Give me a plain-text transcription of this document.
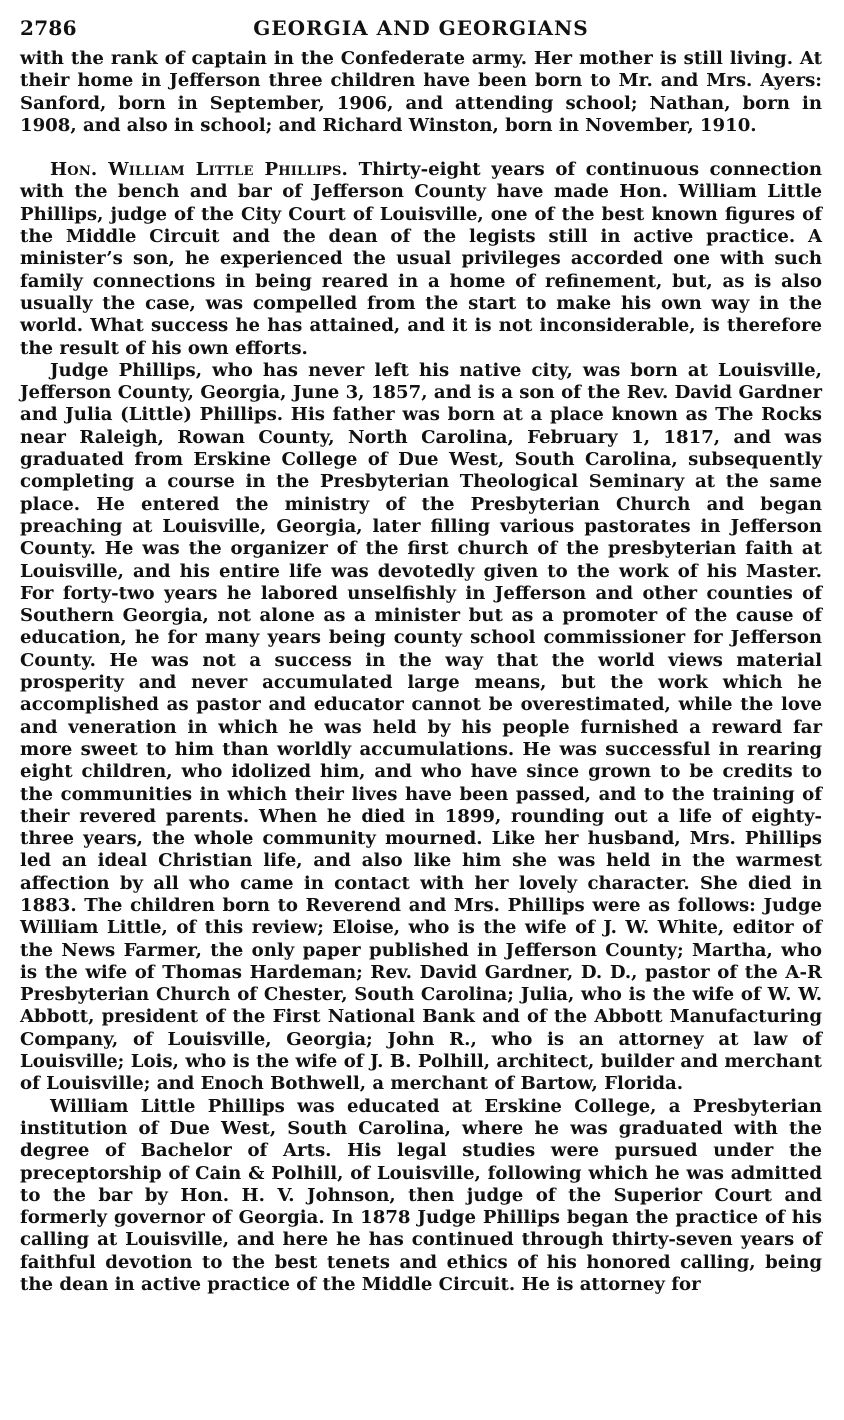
2786	GEORGIA AND GEORGIANS

with the rank of captain in the Confederate army. Her mother is still living. At their home in Jefferson three children have been born to Mr. and Mrs. Ayers: Sanford, born in September, 1906, and attending school; Nathan, born in 1908, and also in school; and Richard Winston, born in November, 1910.

Hon. William Little Phillips. Thirty-eight years of continuous connection with the bench and bar of Jefferson County have made Hon. William Little Phillips, judge of the City Court of Louisville, one of the best known figures of the Middle Circuit and the dean of the legists still in active practice. A minister’s son, he experienced the usual privileges accorded one with such family connections in being reared in a home of refinement, but, as is also usually the case, was compelled from the start to make his own way in the world. What success he has attained, and it is not inconsiderable, is therefore the result of his own efforts.

Judge Phillips, who has never left his native city, was born at Louisville, Jefferson County, Georgia, June 3, 1857, and is a son of the Rev. David Gardner and Julia (Little) Phillips. His father was born at a place known as The Rocks near Raleigh, Rowan County, North Carolina, February 1, 1817, and was graduated from Erskine College of Due West, South Carolina, subsequently completing a course in the Presbyterian Theological Seminary at the same place. He entered the ministry of the Presbyterian Church and began preaching at Louisville, Georgia, later filling various pastorates in Jefferson County. He was the organizer of the first church of the presbyterian faith at Louisville, and his entire life was devotedly given to the work of his Master. For forty-two years he labored unselfishly in Jefferson and other counties of Southern Georgia, not alone as a minister but as a promoter of the cause of education, he for many years being county school commissioner for Jefferson County. He was not a success in the way that the world views material prosperity and never accumulated large means, but the work which he accomplished as pastor and educator cannot be overestimated, while the love and veneration in which he was held by his people furnished a reward far more sweet to him than worldly accumulations. He was successful in rearing eight children, who idolized him, and who have since grown to be credits to the communities in which their lives have been passed, and to the training of their revered parents. When he died in 1899, rounding out a life of eighty-three years, the whole community mourned. Like her husband, Mrs. Phillips led an ideal Christian life, and also like him she was held in the warmest affection by all who came in contact with her lovely character. She died in 1883. The children born to Reverend and Mrs. Phillips were as follows: Judge William Little, of this review; Eloise, who is the wife of J. W. White, editor of the News Farmer, the only paper published in Jefferson County; Martha, who is the wife of Thomas Hardeman; Rev. David Gardner, D. D., pastor of the A-R Presbyterian Church of Chester, South Carolina; Julia, who is the wife of W. W. Abbott, president of the First National Bank and of the Abbott Manufacturing Company, of Louisville, Georgia; John R., who is an attorney at law of Louisville; Lois, who is the wife of J. B. Polhill, architect, builder and merchant of Louisville; and Enoch Bothwell, a merchant of Bartow, Florida.

William Little Phillips was educated at Erskine College, a Presbyterian institution of Due West, South Carolina, where he was graduated with the degree of Bachelor of Arts. His legal studies were pursued under the preceptorship of Cain & Polhill, of Louisville, following which he was admitted to the bar by Hon. H. V. Johnson, then judge of the Superior Court and formerly governor of Georgia. In 1878 Judge Phillips began the practice of his calling at Louisville, and here he has continued through thirty-seven years of faithful devotion to the best tenets and ethics of his honored calling, being the dean in active practice of the Middle Circuit. He is attorney for
